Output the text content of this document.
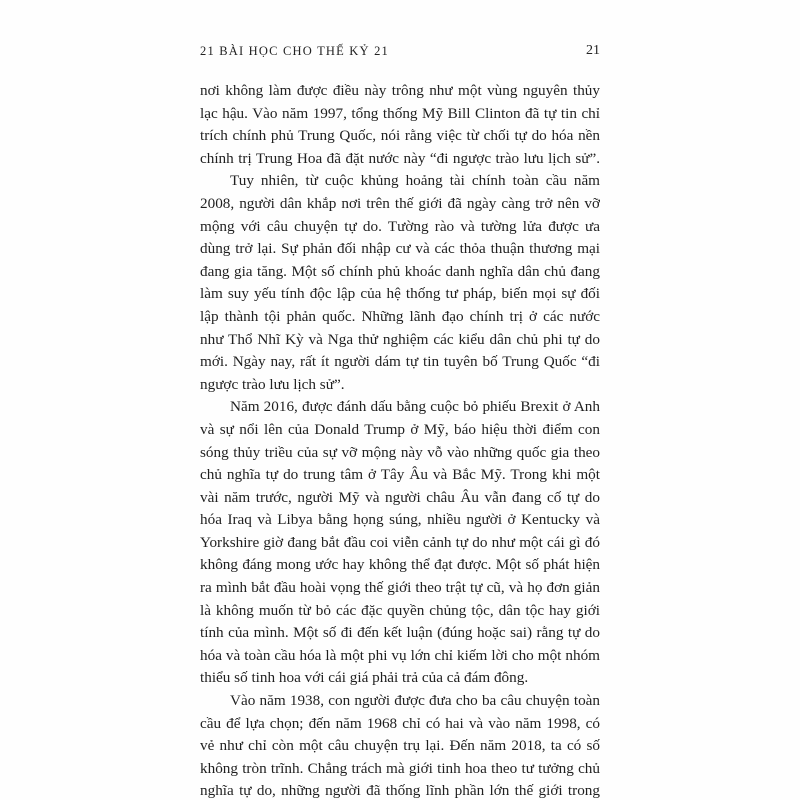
21 BÀI HỌC CHO THẾ KỶ 21	21
nơi không làm được điều này trông như một vùng nguyên thủy
lạc hậu. Vào năm 1997, tổng thống Mỹ Bill Clinton đã tự tin chỉ
trích chính phủ Trung Quốc, nói rằng việc từ chối tự do hóa nền
chính trị Trung Hoa đã đặt nước này “đi ngược trào lưu lịch sử”.
Tuy nhiên, từ cuộc khủng hoảng tài chính toàn cầu năm
2008, người dân khắp nơi trên thế giới đã ngày càng trở nên vỡ
mộng với câu chuyện tự do. Tường rào và tường lửa được ưa
dùng trở lại. Sự phản đối nhập cư và các thỏa thuận thương mại
đang gia tăng. Một số chính phủ khoác danh nghĩa dân chủ đang
làm suy yếu tính độc lập của hệ thống tư pháp, biến mọi sự đối
lập thành tội phản quốc. Những lãnh đạo chính trị ở các nước
như Thổ Nhĩ Kỳ và Nga thử nghiệm các kiểu dân chủ phi tự do
mới. Ngày nay, rất ít người dám tự tin tuyên bố Trung Quốc “đi
ngược trào lưu lịch sử”.
Năm 2016, được đánh dấu bằng cuộc bỏ phiếu Brexit ở Anh
và sự nổi lên của Donald Trump ở Mỹ, báo hiệu thời điểm con
sóng thủy triều của sự vỡ mộng này vỗ vào những quốc gia theo
chủ nghĩa tự do trung tâm ở Tây Âu và Bắc Mỹ. Trong khi một
vài năm trước, người Mỹ và người châu Âu vẫn đang cố tự do
hóa Iraq và Libya bằng họng súng, nhiều người ở Kentucky và
Yorkshire giờ đang bắt đầu coi viễn cảnh tự do như một cái gì đó
không đáng mong ước hay không thể đạt được. Một số phát hiện
ra mình bắt đầu hoài vọng thế giới theo trật tự cũ, và họ đơn giản
là không muốn từ bỏ các đặc quyền chủng tộc, dân tộc hay giới
tính của mình. Một số đi đến kết luận (đúng hoặc sai) rằng tự do
hóa và toàn cầu hóa là một phi vụ lớn chỉ kiếm lời cho một nhóm
thiểu số tinh hoa với cái giá phải trả của cả đám đông.
Vào năm 1938, con người được đưa cho ba câu chuyện toàn
cầu để lựa chọn; đến năm 1968 chỉ có hai và vào năm 1998, có
vẻ như chỉ còn một câu chuyện trụ lại. Đến năm 2018, ta có số
không tròn trĩnh. Chẳng trách mà giới tinh hoa theo tư tưởng chủ
nghĩa tự do, những người đã thống lĩnh phần lớn thế giới trong
